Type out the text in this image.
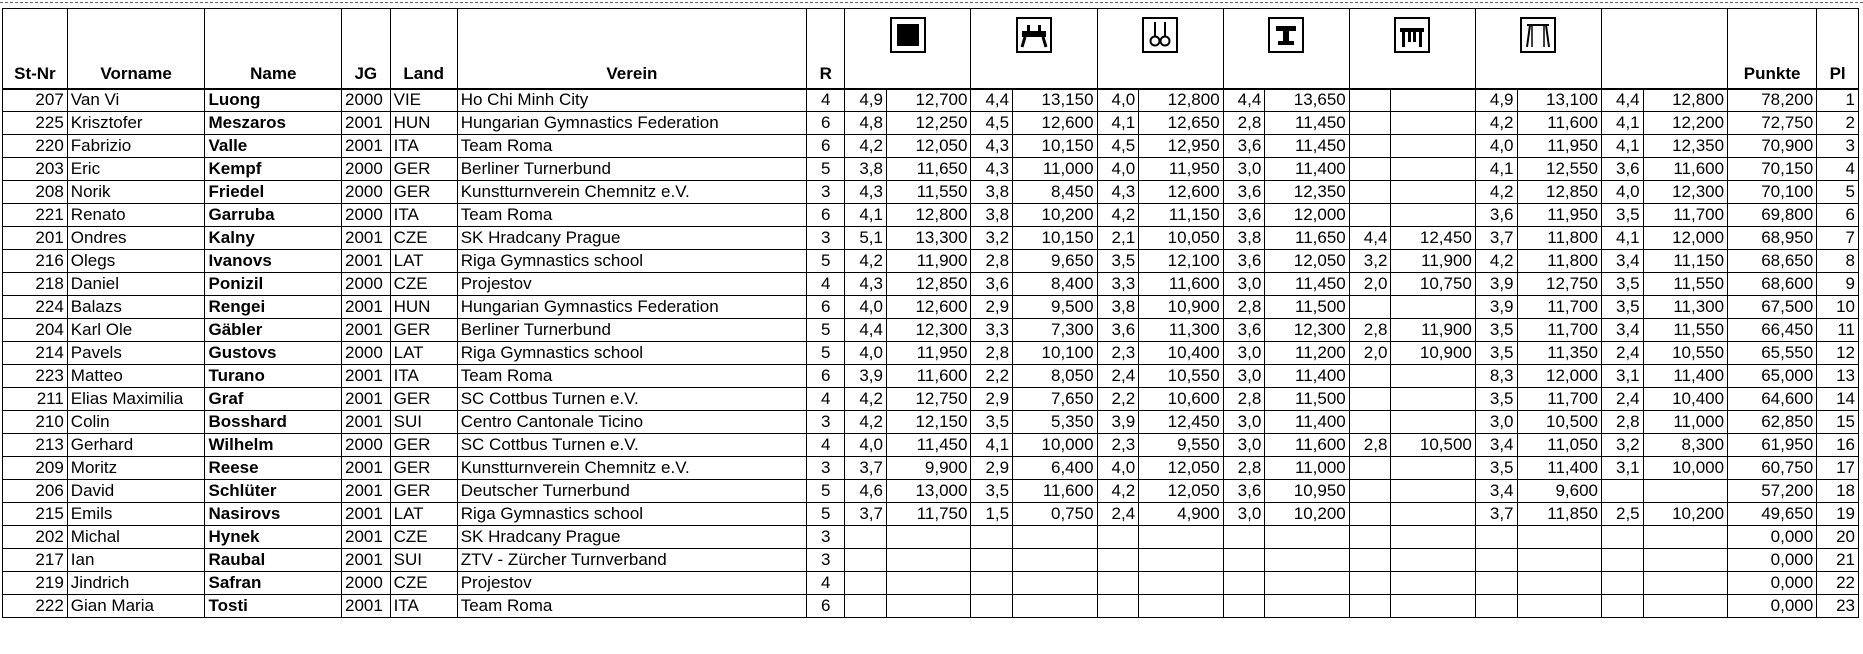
St-Nr	Vorname	Name	JG	Land	Verein	R															Punkte	Pl
207	Van Vi	Luong	2000	VIE	Ho Chi Minh City	4	4,9	12,700	4,4	13,150	4,0	12,800	4,4	13,650			4,9	13,100	4,4	12,800	78,200	1
225	Krisztofer	Meszaros	2001	HUN	Hungarian Gymnastics Federation	6	4,8	12,250	4,5	12,600	4,1	12,650	2,8	11,450			4,2	11,600	4,1	12,200	72,750	2
220	Fabrizio	Valle	2001	ITA	Team Roma	6	4,2	12,050	4,3	10,150	4,5	12,950	3,6	11,450			4,0	11,950	4,1	12,350	70,900	3
203	Eric	Kempf	2000	GER	Berliner Turnerbund	5	3,8	11,650	4,3	11,000	4,0	11,950	3,0	11,400			4,1	12,550	3,6	11,600	70,150	4
208	Norik	Friedel	2000	GER	Kunstturnverein Chemnitz e.V.	3	4,3	11,550	3,8	8,450	4,3	12,600	3,6	12,350			4,2	12,850	4,0	12,300	70,100	5
221	Renato	Garruba	2000	ITA	Team Roma	6	4,1	12,800	3,8	10,200	4,2	11,150	3,6	12,000			3,6	11,950	3,5	11,700	69,800	6
201	Ondres	Kalny	2001	CZE	SK Hradcany Prague	3	5,1	13,300	3,2	10,150	2,1	10,050	3,8	11,650	4,4	12,450	3,7	11,800	4,1	12,000	68,950	7
216	Olegs	Ivanovs	2001	LAT	Riga Gymnastics school	5	4,2	11,900	2,8	9,650	3,5	12,100	3,6	12,050	3,2	11,900	4,2	11,800	3,4	11,150	68,650	8
218	Daniel	Ponizil	2000	CZE	Projestov	4	4,3	12,850	3,6	8,400	3,3	11,600	3,0	11,450	2,0	10,750	3,9	12,750	3,5	11,550	68,600	9
224	Balazs	Rengei	2001	HUN	Hungarian Gymnastics Federation	6	4,0	12,600	2,9	9,500	3,8	10,900	2,8	11,500			3,9	11,700	3,5	11,300	67,500	10
204	Karl Ole	Gäbler	2001	GER	Berliner Turnerbund	5	4,4	12,300	3,3	7,300	3,6	11,300	3,6	12,300	2,8	11,900	3,5	11,700	3,4	11,550	66,450	11
214	Pavels	Gustovs	2000	LAT	Riga Gymnastics school	5	4,0	11,950	2,8	10,100	2,3	10,400	3,0	11,200	2,0	10,900	3,5	11,350	2,4	10,550	65,550	12
223	Matteo	Turano	2001	ITA	Team Roma	6	3,9	11,600	2,2	8,050	2,4	10,550	3,0	11,400			8,3	12,000	3,1	11,400	65,000	13
211	Elias Maximilia	Graf	2001	GER	SC Cottbus Turnen e.V.	4	4,2	12,750	2,9	7,650	2,2	10,600	2,8	11,500			3,5	11,700	2,4	10,400	64,600	14
210	Colin	Bosshard	2001	SUI	Centro Cantonale Ticino	3	4,2	12,150	3,5	5,350	3,9	12,450	3,0	11,400			3,0	10,500	2,8	11,000	62,850	15
213	Gerhard	Wilhelm	2000	GER	SC Cottbus Turnen e.V.	4	4,0	11,450	4,1	10,000	2,3	9,550	3,0	11,600	2,8	10,500	3,4	11,050	3,2	8,300	61,950	16
209	Moritz	Reese	2001	GER	Kunstturnverein Chemnitz e.V.	3	3,7	9,900	2,9	6,400	4,0	12,050	2,8	11,000			3,5	11,400	3,1	10,000	60,750	17
206	David	Schlüter	2001	GER	Deutscher Turnerbund	5	4,6	13,000	3,5	11,600	4,2	12,050	3,6	10,950			3,4	9,600			57,200	18
215	Emils	Nasirovs	2001	LAT	Riga Gymnastics school	5	3,7	11,750	1,5	0,750	2,4	4,900	3,0	10,200			3,7	11,850	2,5	10,200	49,650	19
202	Michal	Hynek	2001	CZE	SK Hradcany Prague	3															0,000	20
217	Ian	Raubal	2001	SUI	ZTV - Zürcher Turnverband	3															0,000	21
219	Jindrich	Safran	2000	CZE	Projestov	4															0,000	22
222	Gian Maria	Tosti	2001	ITA	Team Roma	6															0,000	23
